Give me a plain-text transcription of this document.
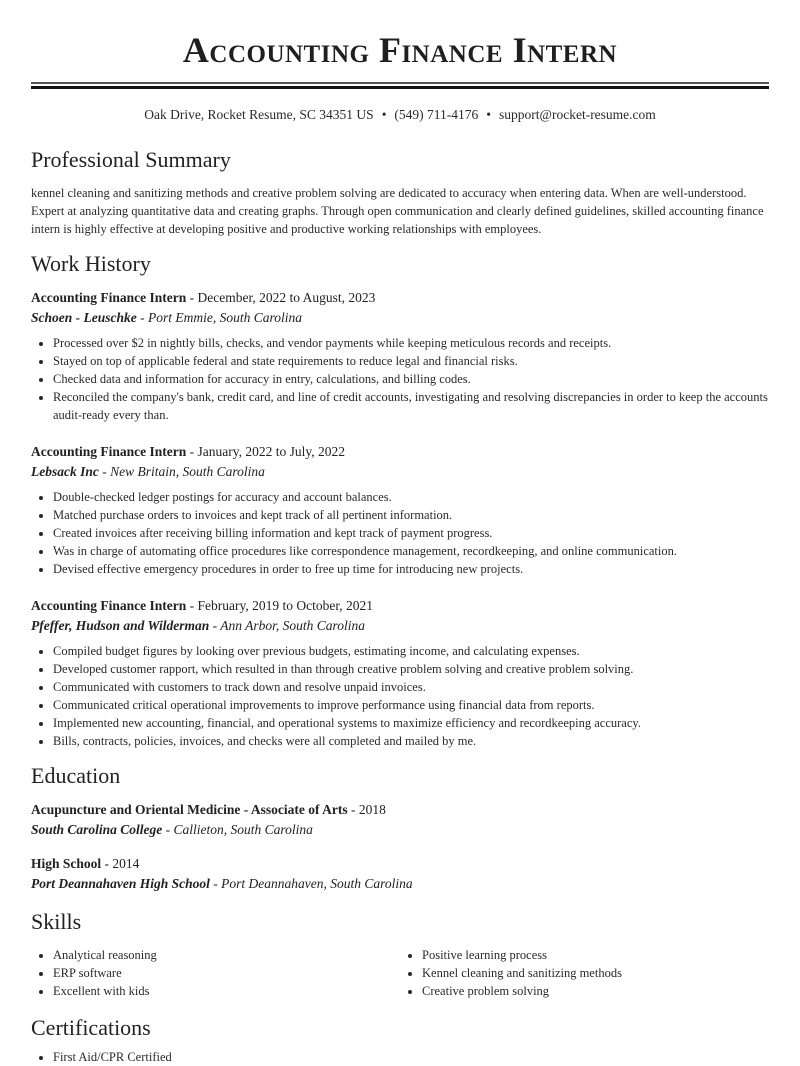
Accounting Finance Intern
Oak Drive, Rocket Resume, SC 34351 US • (549) 711-4176 • support@rocket-resume.com
Professional Summary
kennel cleaning and sanitizing methods and creative problem solving are dedicated to accuracy when entering data. When are well-understood. Expert at analyzing quantitative data and creating graphs. Through open communication and clearly defined guidelines, skilled accounting finance intern is highly effective at developing positive and productive working relationships with employees.
Work History
Accounting Finance Intern - December, 2022 to August, 2023
Schoen - Leuschke - Port Emmie, South Carolina
• Processed over $2 in nightly bills, checks, and vendor payments while keeping meticulous records and receipts.
• Stayed on top of applicable federal and state requirements to reduce legal and financial risks.
• Checked data and information for accuracy in entry, calculations, and billing codes.
• Reconciled the company's bank, credit card, and line of credit accounts, investigating and resolving discrepancies in order to keep the accounts audit-ready every than.
Accounting Finance Intern - January, 2022 to July, 2022
Lebsack Inc - New Britain, South Carolina
• Double-checked ledger postings for accuracy and account balances.
• Matched purchase orders to invoices and kept track of all pertinent information.
• Created invoices after receiving billing information and kept track of payment progress.
• Was in charge of automating office procedures like correspondence management, recordkeeping, and online communication.
• Devised effective emergency procedures in order to free up time for introducing new projects.
Accounting Finance Intern - February, 2019 to October, 2021
Pfeffer, Hudson and Wilderman - Ann Arbor, South Carolina
• Compiled budget figures by looking over previous budgets, estimating income, and calculating expenses.
• Developed customer rapport, which resulted in than through creative problem solving and creative problem solving.
• Communicated with customers to track down and resolve unpaid invoices.
• Communicated critical operational improvements to improve performance using financial data from reports.
• Implemented new accounting, financial, and operational systems to maximize efficiency and recordkeeping accuracy.
• Bills, contracts, policies, invoices, and checks were all completed and mailed by me.
Education
Acupuncture and Oriental Medicine - Associate of Arts - 2018
South Carolina College - Callieton, South Carolina
High School - 2014
Port Deannahaven High School - Port Deannahaven, South Carolina
Skills
• Analytical reasoning
• ERP software
• Excellent with kids
• Positive learning process
• Kennel cleaning and sanitizing methods
• Creative problem solving
Certifications
• First Aid/CPR Certified
